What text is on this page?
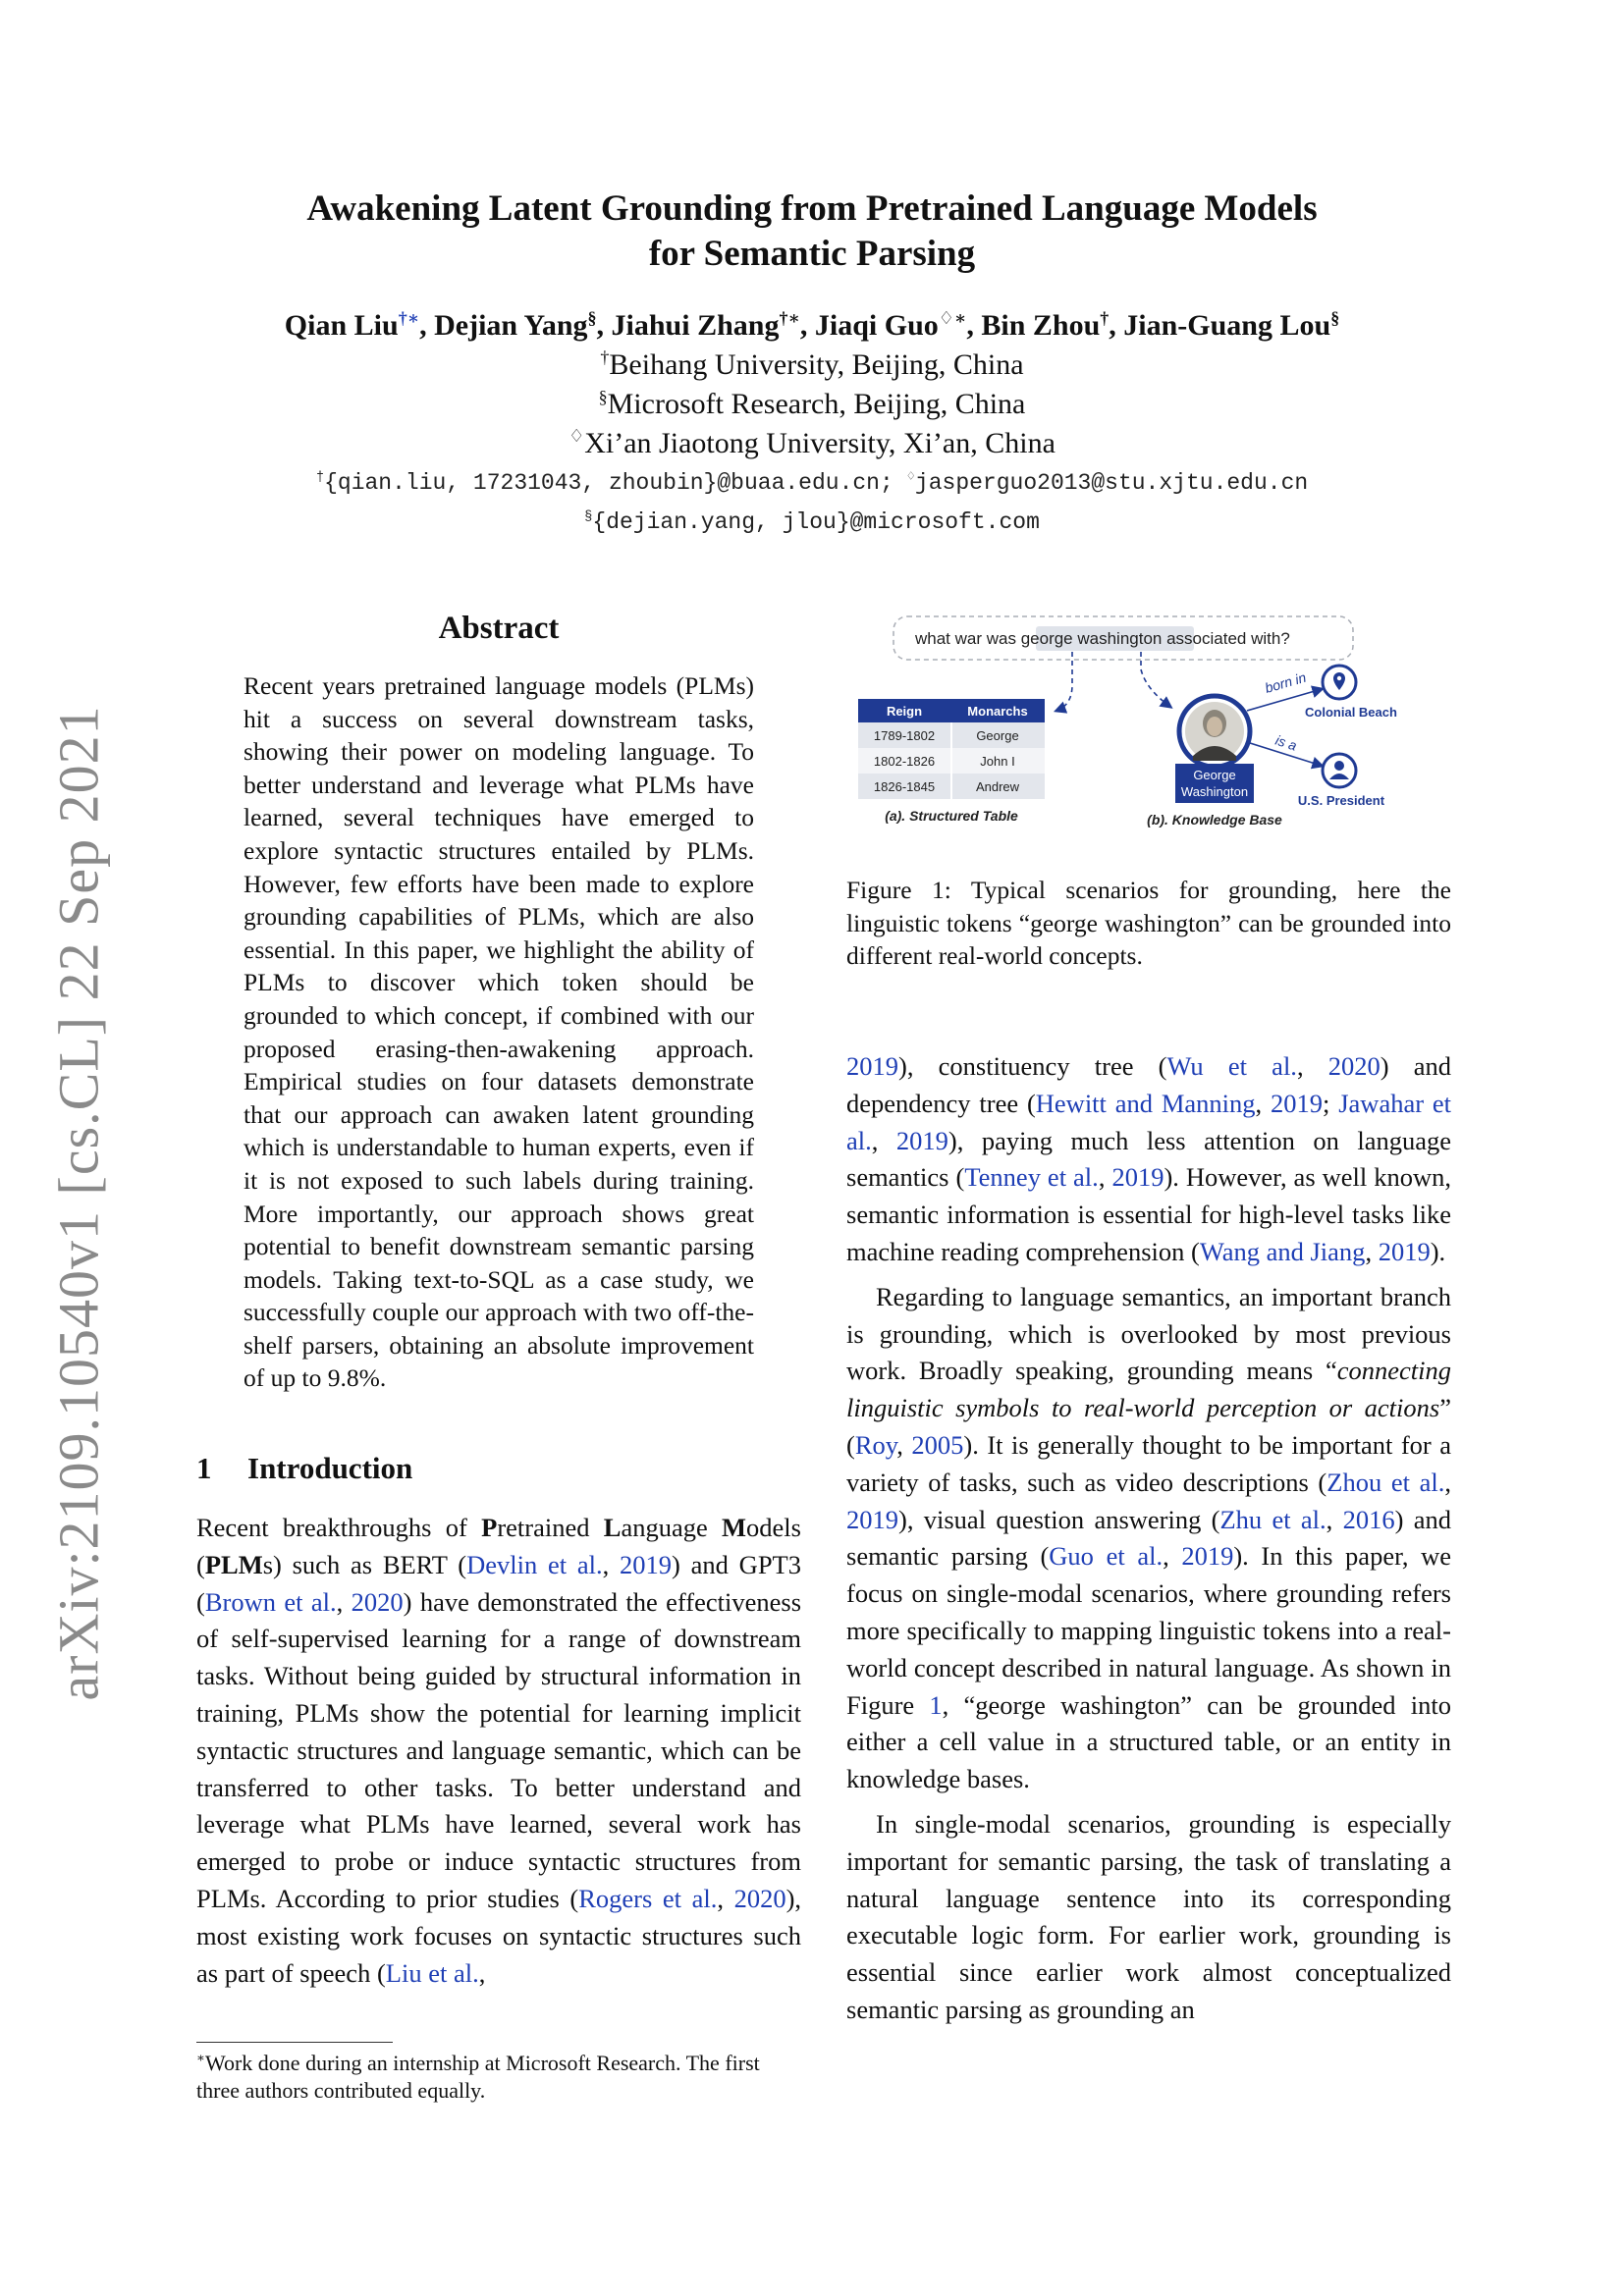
arXiv:2109.10540v1 [cs.CL] 22 Sep 2021
Awakening Latent Grounding from Pretrained Language Models
for Semantic Parsing
Qian Liu†∗, Dejian Yang§, Jiahui Zhang†∗, Jiaqi Guo♢∗, Bin Zhou†, Jian-Guang Lou§
†Beihang University, Beijing, China
§Microsoft Research, Beijing, China
♢Xi’an Jiaotong University, Xi’an, China
†{qian.liu, 17231043, zhoubin}@buaa.edu.cn; ♢jasperguo2013@stu.xjtu.edu.cn
§{dejian.yang, jlou}@microsoft.com
Abstract
Recent years pretrained language models (PLMs) hit a success on several downstream tasks, showing their power on modeling language. To better understand and leverage what PLMs have learned, several techniques have emerged to explore syntactic structures entailed by PLMs. However, few efforts have been made to explore grounding capabilities of PLMs, which are also essential. In this paper, we highlight the ability of PLMs to discover which token should be grounded to which concept, if combined with our proposed erasing-then-awakening approach. Empirical studies on four datasets demonstrate that our approach can awaken latent grounding which is understandable to human experts, even if it is not exposed to such labels during training. More importantly, our approach shows great potential to benefit downstream semantic parsing models. Taking text-to-SQL as a case study, we successfully couple our approach with two off-the-shelf parsers, obtaining an absolute improvement of up to 9.8%.
1 Introduction
Recent breakthroughs of Pretrained Language Models (PLMs) such as BERT (Devlin et al., 2019) and GPT3 (Brown et al., 2020) have demonstrated the effectiveness of self-supervised learning for a range of downstream tasks. Without being guided by structural information in training, PLMs show the potential for learning implicit syntactic structures and language semantic, which can be transferred to other tasks. To better understand and leverage what PLMs have learned, several work has emerged to probe or induce syntactic structures from PLMs. According to prior studies (Rogers et al., 2020), most existing work focuses on syntactic structures such as part of speech (Liu et al.,
∗Work done during an internship at Microsoft Research. The first three authors contributed equally.
what war was george washington associated with?
Reign	Monarchs
1789-1802	George
1802-1826	John I
1826-1845	Andrew
(a). Structured Table
George
Washington
(b). Knowledge Base
born in
is a
Colonial Beach
U.S. President
Figure 1: Typical scenarios for grounding, here the linguistic tokens “george washington” can be grounded into different real-world concepts.

2019), constituency tree (Wu et al., 2020) and dependency tree (Hewitt and Manning, 2019; Jawahar et al., 2019), paying much less attention on language semantics (Tenney et al., 2019). However, as well known, semantic information is essential for high-level tasks like machine reading comprehension (Wang and Jiang, 2019).

Regarding to language semantics, an important branch is grounding, which is overlooked by most previous work. Broadly speaking, grounding means “connecting linguistic symbols to real-world perception or actions” (Roy, 2005). It is generally thought to be important for a variety of tasks, such as video descriptions (Zhou et al., 2019), visual question answering (Zhu et al., 2016) and semantic parsing (Guo et al., 2019). In this paper, we focus on single-modal scenarios, where grounding refers more specifically to mapping linguistic tokens into a real-world concept described in natural language. As shown in Figure 1, “george washington” can be grounded into either a cell value in a structured table, or an entity in knowledge bases.

In single-modal scenarios, grounding is especially important for semantic parsing, the task of translating a natural language sentence into its corresponding executable logic form. For earlier work, grounding is essential since earlier work almost conceptualized semantic parsing as grounding an
